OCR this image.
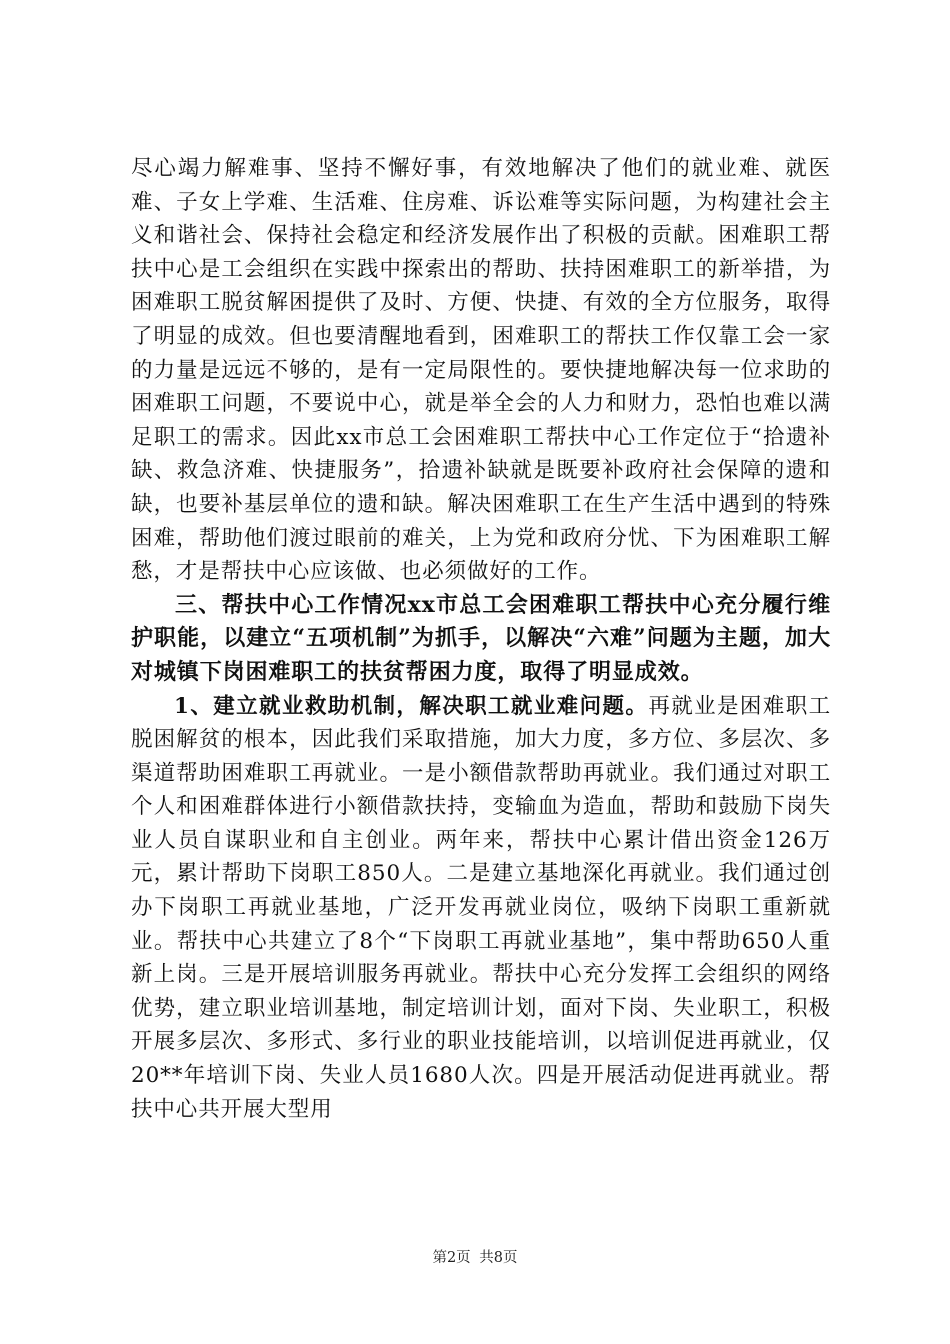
尽心竭力解难事、坚持不懈好事，有效地解决了他们的就业难、就医难、子女上学难、生活难、住房难、诉讼难等实际问题，为构建社会主义和谐社会、保持社会稳定和经济发展作出了积极的贡献。困难职工帮扶中心是工会组织在实践中探索出的帮助、扶持困难职工的新举措，为困难职工脱贫解困提供了及时、方便、快捷、有效的全方位服务，取得了明显的成效。但也要清醒地看到，困难职工的帮扶工作仅靠工会一家的力量是远远不够的，是有一定局限性的。要快捷地解决每一位求助的困难职工问题，不要说中心，就是举全会的人力和财力，恐怕也难以满足职工的需求。因此xx市总工会困难职工帮扶中心工作定位于“拾遗补缺、救急济难、快捷服务”，拾遗补缺就是既要补政府社会保障的遗和缺，也要补基层单位的遗和缺。解决困难职工在生产生活中遇到的特殊困难，帮助他们渡过眼前的难关，上为党和政府分忧、下为困难职工解愁，才是帮扶中心应该做、也必须做好的工作。

三、帮扶中心工作情况xx市总工会困难职工帮扶中心充分履行维护职能，以建立“五项机制”为抓手，以解决“六难”问题为主题，加大对城镇下岗困难职工的扶贫帮困力度，取得了明显成效。

1、建立就业救助机制，解决职工就业难问题。再就业是困难职工脱困解贫的根本，因此我们采取措施，加大力度，多方位、多层次、多渠道帮助困难职工再就业。一是小额借款帮助再就业。我们通过对职工个人和困难群体进行小额借款扶持，变输血为造血，帮助和鼓励下岗失业人员自谋职业和自主创业。两年来，帮扶中心累计借出资金126万元，累计帮助下岗职工850人。二是建立基地深化再就业。我们通过创办下岗职工再就业基地，广泛开发再就业岗位，吸纳下岗职工重新就业。帮扶中心共建立了8个“下岗职工再就业基地”，集中帮助650人重新上岗。三是开展培训服务再就业。帮扶中心充分发挥工会组织的网络优势，建立职业培训基地，制定培训计划，面对下岗、失业职工，积极开展多层次、多形式、多行业的职业技能培训，以培训促进再就业，仅20**年培训下岗、失业人员1680人次。四是开展活动促进再就业。帮扶中心共开展大型用

第2页 共8页
